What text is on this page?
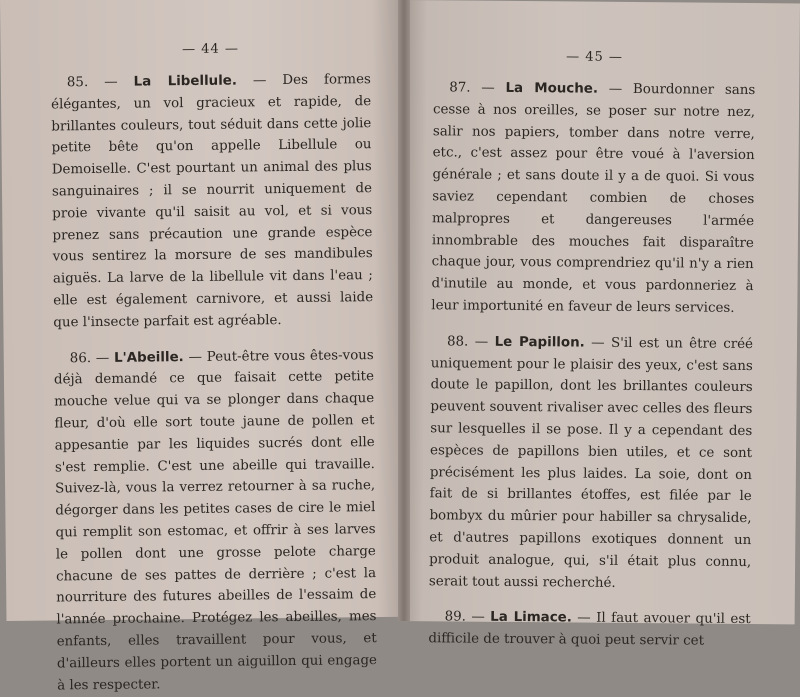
— 44 —

85. — La Libellule. — Des formes élégantes, un vol gracieux et rapide, de brillantes couleurs, tout séduit dans cette jolie petite bête qu'on appelle Libellule ou Demoiselle. C'est pourtant un animal des plus sanguinaires ; il se nourrit uniquement de proie vivante qu'il saisit au vol, et si vous prenez sans précaution une grande espèce vous sentirez la morsure de ses mandibules aiguës. La larve de la libellule vit dans l'eau ; elle est également carnivore, et aussi laide que l'insecte parfait est agréable.

86. — L'Abeille. — Peut-être vous êtes-vous déjà demandé ce que faisait cette petite mouche velue qui va se plonger dans chaque fleur, d'où elle sort toute jaune de pollen et appesantie par les liquides sucrés dont elle s'est remplie. C'est une abeille qui travaille. Suivez-là, vous la verrez retourner à sa ruche, dégorger dans les petites cases de cire le miel qui remplit son estomac, et offrir à ses larves le pollen dont une grosse pelote charge chacune de ses pattes de derrière ; c'est la nourriture des futures abeilles de l'essaim de l'année prochaine. Protégez les abeilles, mes enfants, elles travaillent pour vous, et d'ailleurs elles portent un aiguillon qui engage à les respecter.

— 45 —

87. — La Mouche. — Bourdonner sans cesse à nos oreilles, se poser sur notre nez, salir nos papiers, tomber dans notre verre, etc., c'est assez pour être voué à l'aversion générale ; et sans doute il y a de quoi. Si vous saviez cependant combien de choses malpropres et dangereuses l'armée innombrable des mouches fait disparaître chaque jour, vous comprendriez qu'il n'y a rien d'inutile au monde, et vous pardonneriez à leur importunité en faveur de leurs services.

88. — Le Papillon. — S'il est un être créé uniquement pour le plaisir des yeux, c'est sans doute le papillon, dont les brillantes couleurs peuvent souvent rivaliser avec celles des fleurs sur lesquelles il se pose. Il y a cependant des espèces de papillons bien utiles, et ce sont précisément les plus laides. La soie, dont on fait de si brillantes étoffes, est filée par le bombyx du mûrier pour habiller sa chrysalide, et d'autres papillons exotiques donnent un produit analogue, qui, s'il était plus connu, serait tout aussi recherché.

89. — La Limace. — Il faut avouer qu'il est difficile de trouver à quoi peut servir cet
